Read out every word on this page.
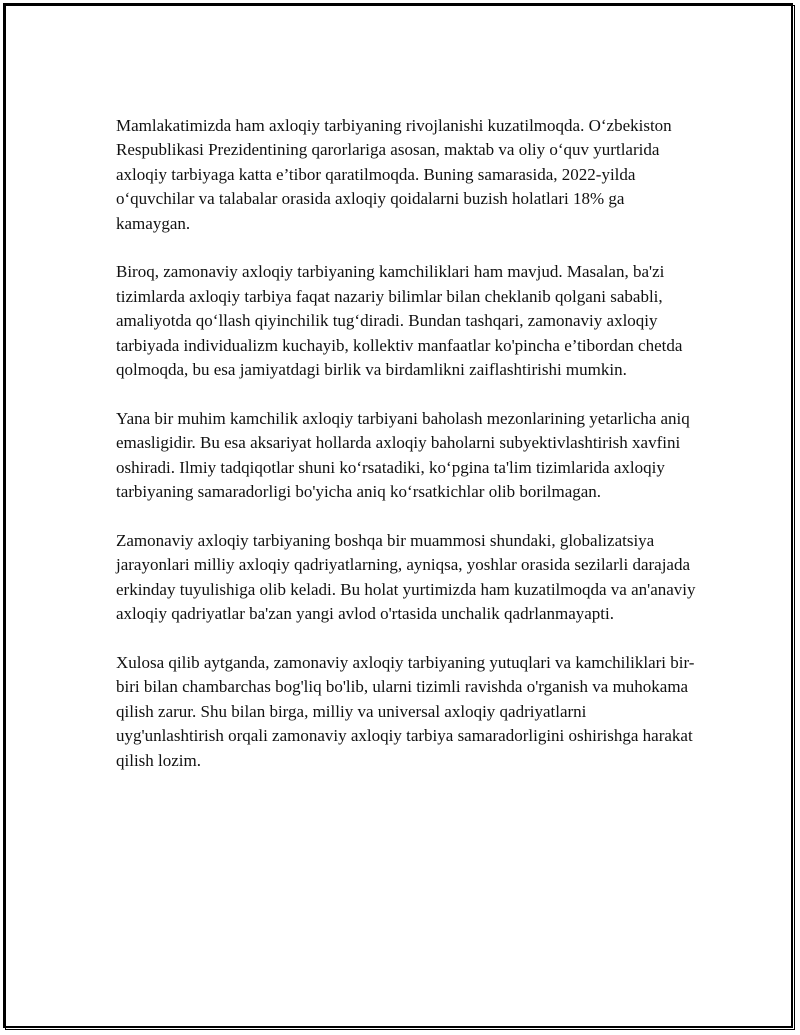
Mamlakatimizda ham axloqiy tarbiyaning rivojlanishi kuzatilmoqda. O‘zbekiston Respublikasi Prezidentining qarorlariga asosan, maktab va oliy o‘quv yurtlarida axloqiy tarbiyaga katta e’tibor qaratilmoqda. Buning samarasida, 2022-yilda o‘quvchilar va talabalar orasida axloqiy qoidalarni buzish holatlari 18% ga kamaygan.

Biroq, zamonaviy axloqiy tarbiyaning kamchiliklari ham mavjud. Masalan, ba'zi tizimlarda axloqiy tarbiya faqat nazariy bilimlar bilan cheklanib qolgani sababli, amaliyotda qo‘llash qiyinchilik tug‘diradi. Bundan tashqari, zamonaviy axloqiy tarbiyada individualizm kuchayib, kollektiv manfaatlar ko'pincha e’tibordan chetda qolmoqda, bu esa jamiyatdagi birlik va birdamlikni zaiflashtirishi mumkin.

Yana bir muhim kamchilik axloqiy tarbiyani baholash mezonlarining yetarlicha aniq emasligidir. Bu esa aksariyat hollarda axloqiy baholarni subyektivlashtirish xavfini oshiradi. Ilmiy tadqiqotlar shuni ko‘rsatadiki, ko‘pgina ta'lim tizimlarida axloqiy tarbiyaning samaradorligi bo'yicha aniq ko‘rsatkichlar olib borilmagan.

Zamonaviy axloqiy tarbiyaning boshqa bir muammosi shundaki, globalizatsiya jarayonlari milliy axloqiy qadriyatlarning, ayniqsa, yoshlar orasida sezilarli darajada erkinday tuyulishiga olib keladi. Bu holat yurtimizda ham kuzatilmoqda va an'anaviy axloqiy qadriyatlar ba'zan yangi avlod o'rtasida unchalik qadrlanmayapti.

Xulosa qilib aytganda, zamonaviy axloqiy tarbiyaning yutuqlari va kamchiliklari bir-biri bilan chambarchas bog'liq bo'lib, ularni tizimli ravishda o'rganish va muhokama qilish zarur. Shu bilan birga, milliy va universal axloqiy qadriyatlarni uyg'unlashtirish orqali zamonaviy axloqiy tarbiya samaradorligini oshirishga harakat qilish lozim.
